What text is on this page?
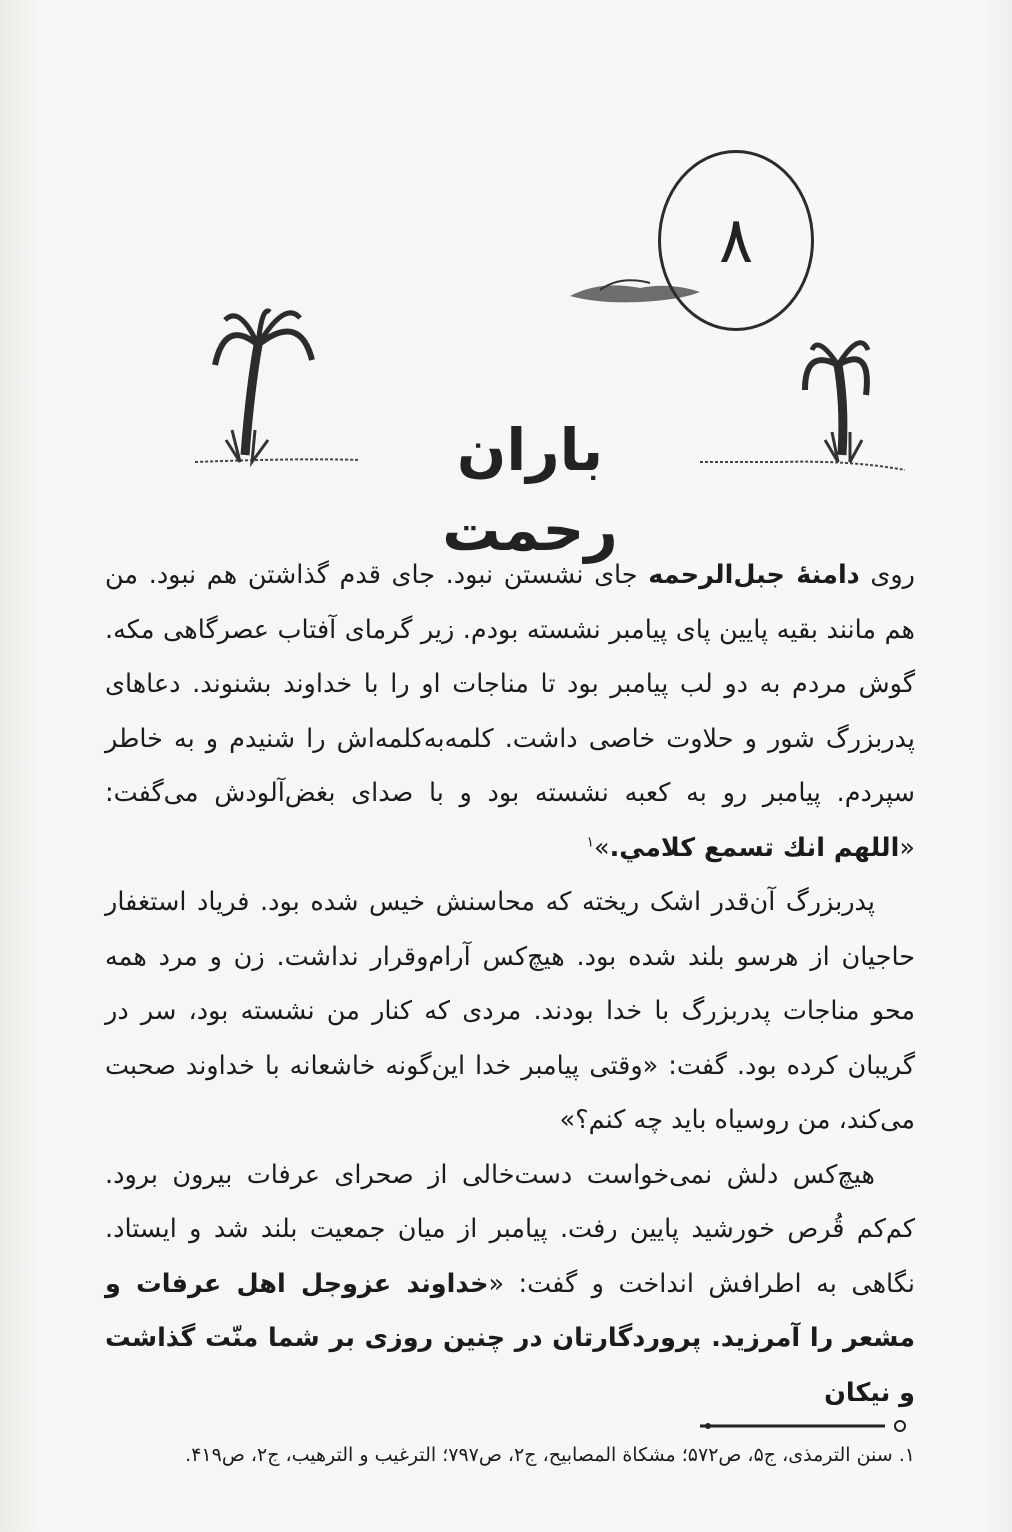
۸
باران رحمت

روی دامنهٔ جبل‌الرحمه جای نشستن نبود. جای قدم گذاشتن هم نبود. من هم مانند بقیه پایین پای پیامبر نشسته بودم. زیر گرمای آفتاب عصرگاهی مکه. گوش مردم به دو لب پیامبر بود تا مناجات او را با خداوند بشنوند. دعاهای پدربزرگ شور و حلاوت خاصی داشت. کلمه‌به‌کلمه‌اش را شنیدم و به خاطر سپردم. پیامبر رو به کعبه نشسته بود و با صدای بغض‌آلودش می‌گفت: «اللهم انك تسمع كلامي.»$^۱$

پدربزرگ آن‌قدر اشک ریخته که محاسنش خیس شده بود. فریاد استغفار حاجیان از هرسو بلند شده بود. هیچ‌کس آرام‌وقرار نداشت. زن و مرد همه محو مناجات پدربزرگ با خدا بودند. مردی که کنار من نشسته بود، سر در گریبان کرده بود. گفت: «وقتی پیامبر خدا این‌گونه خاشعانه با خداوند صحبت می‌کند، من روسیاه باید چه کنم؟»

هیچ‌کس دلش نمی‌خواست دست‌خالی از صحرای عرفات بیرون برود. کم‌کم قُرص خورشید پایین رفت. پیامبر از میان جمعیت بلند شد و ایستاد. نگاهی به اطرافش انداخت و گفت: «خداوند عزوجل اهل عرفات و مشعر را آمرزید. پروردگارتان در چنین روزی بر شما منّت گذاشت و نیکان

۱. سنن الترمذی، ج۵، ص۵۷۲؛ مشکاة المصابیح، ج۲، ص۷۹۷؛ الترغیب و الترهیب، ج۲، ص۴۱۹.
